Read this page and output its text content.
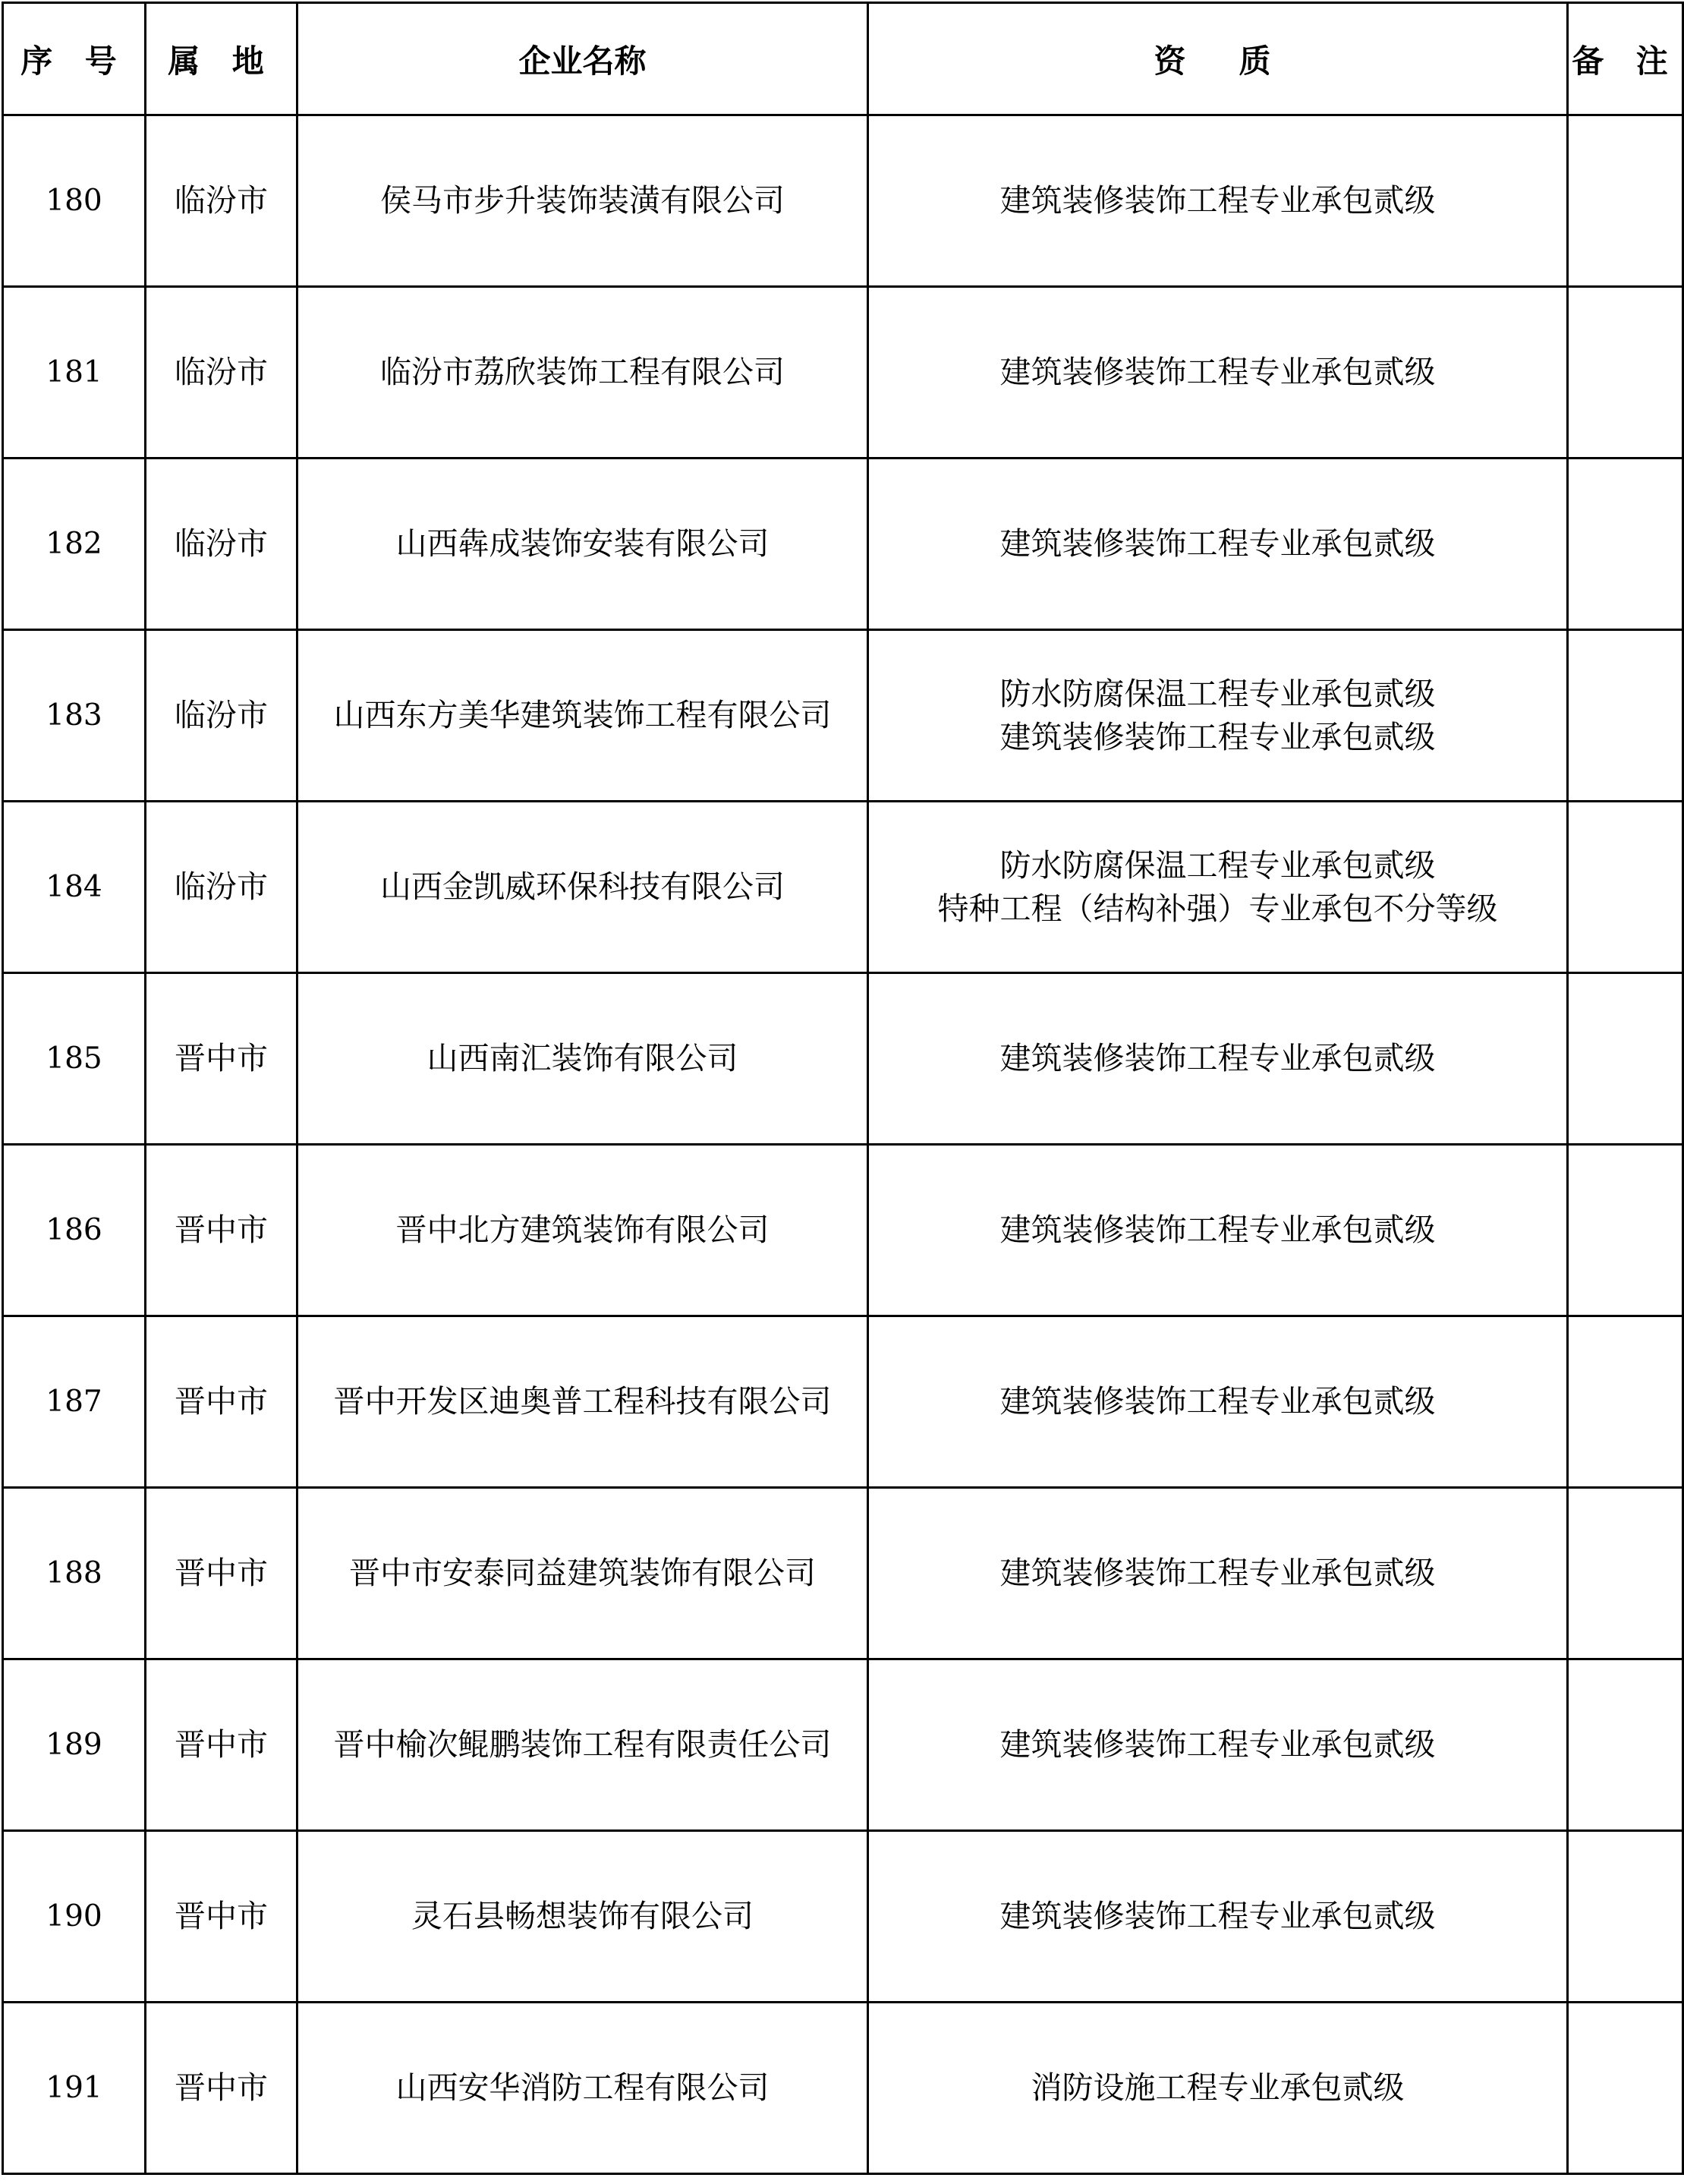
序 号	属 地	企业名称	资　质	备 注
180	临汾市	侯马市步升装饰装潢有限公司	建筑装修装饰工程专业承包贰级	

181	临汾市	临汾市荔欣装饰工程有限公司	建筑装修装饰工程专业承包贰级	

182	临汾市	山西犇成装饰安装有限公司	建筑装修装饰工程专业承包贰级	

183	临汾市	山西东方美华建筑装饰工程有限公司	防水防腐保温工程专业承包贰级
建筑装修装饰工程专业承包贰级	

184	临汾市	山西金凯威环保科技有限公司	防水防腐保温工程专业承包贰级
特种工程（结构补强）专业承包不分等级	

185	晋中市	山西南汇装饰有限公司	建筑装修装饰工程专业承包贰级	

186	晋中市	晋中北方建筑装饰有限公司	建筑装修装饰工程专业承包贰级	

187	晋中市	晋中开发区迪奥普工程科技有限公司	建筑装修装饰工程专业承包贰级	

188	晋中市	晋中市安泰同益建筑装饰有限公司	建筑装修装饰工程专业承包贰级	

189	晋中市	晋中榆次鲲鹏装饰工程有限责任公司	建筑装修装饰工程专业承包贰级	

190	晋中市	灵石县畅想装饰有限公司	建筑装修装饰工程专业承包贰级	

191	晋中市	山西安华消防工程有限公司	消防设施工程专业承包贰级	
